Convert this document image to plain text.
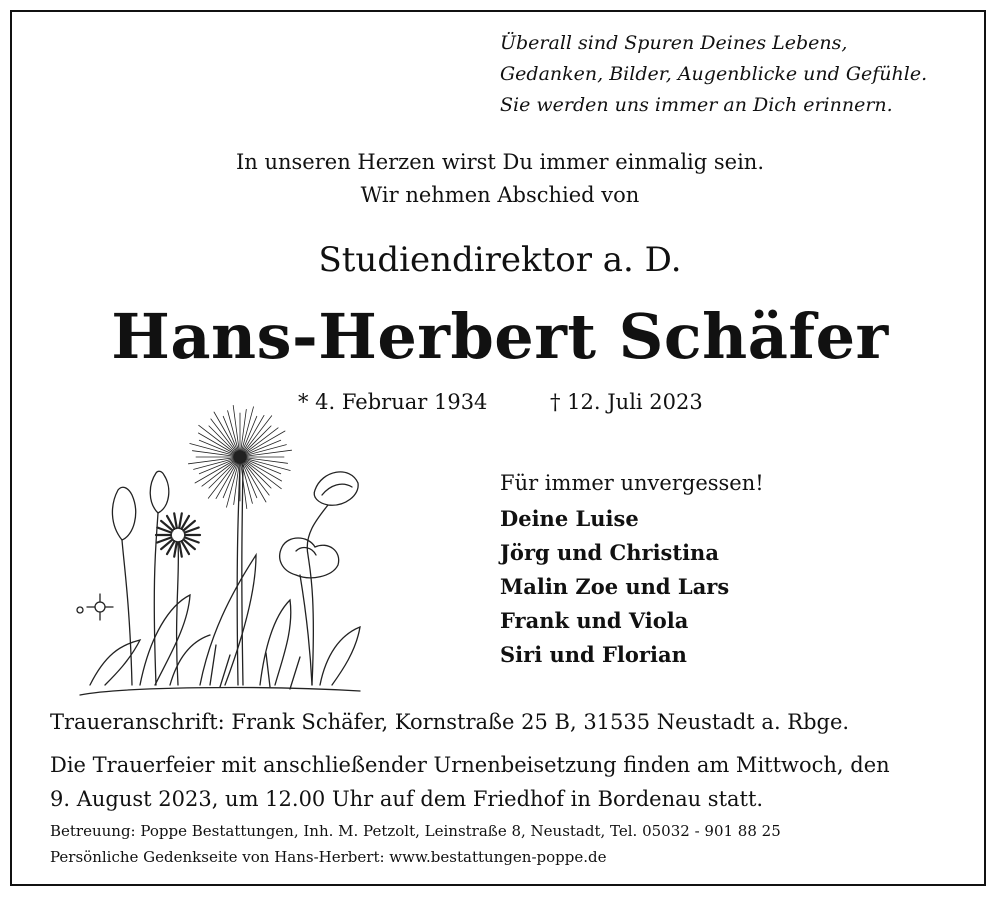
Überall sind Spuren Deines Lebens,
Gedanken, Bilder, Augenblicke und Gefühle.
Sie werden uns immer an Dich erinnern.
In unseren Herzen wirst Du immer einmalig sein.
Wir nehmen Abschied von
Studiendirektor a. D.
Hans-Herbert Schäfer
* 4. Februar 1934	† 12. Juli 2023
Für immer unvergessen!
Deine Luise
Jörg und Christina
Malin Zoe und Lars
Frank und Viola
Siri und Florian
Traueranschrift: Frank Schäfer, Kornstraße 25 B, 31535 Neustadt a. Rbge.
Die Trauerfeier mit anschließender Urnenbeisetzung finden am Mittwoch, den
9. August 2023, um 12.00 Uhr auf dem Friedhof in Bordenau statt.
Betreuung: Poppe Bestattungen, Inh. M. Petzolt, Leinstraße 8, Neustadt, Tel. 05032 - 901 88 25
Persönliche Gedenkseite von Hans-Herbert: www.bestattungen-poppe.de
